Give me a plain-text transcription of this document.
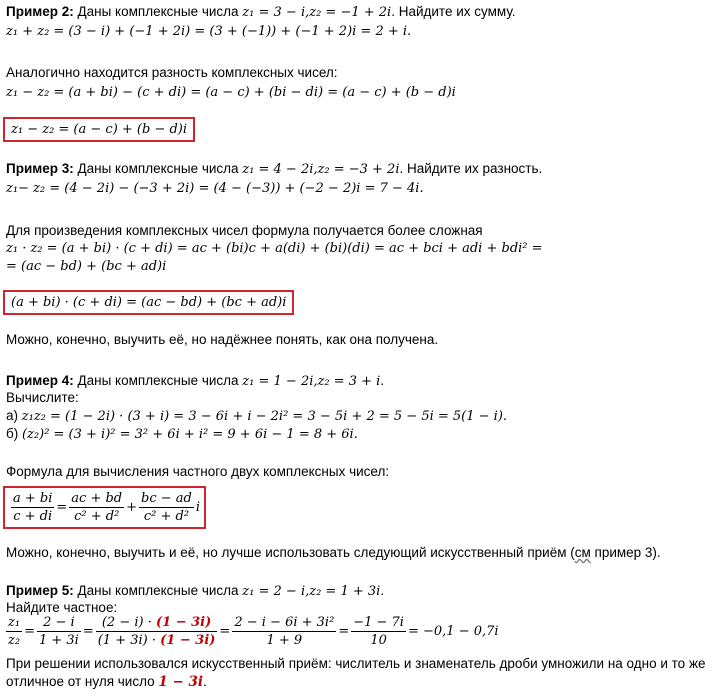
Пример 2: Даны комплексные числа z₁ = 3 − i,z₂ = −1 + 2i. Найдите их сумму.
z₁ + z₂ = (3 − i) + (−1 + 2i) = (3 + (−1)) + (−1 + 2)i = 2 + i.
Аналогично находится разность комплексных чисел:
z₁ − z₂ = (a + bi) − (c + di) = (a − c) + (bi − di) = (a − c) + (b − d)i
z₁ − z₂ = (a − c) + (b − d)i
Пример 3: Даны комплексные числа z₁ = 4 − 2i,z₂ = −3 + 2i. Найдите их разность.
z₁− z₂ = (4 − 2i) − (−3 + 2i) = (4 − (−3)) + (−2 − 2)i = 7 − 4i.
Для произведения комплексных чисел формула получается более сложная
z₁ · z₂ = (a + bi) · (c + di) = ac + (bi)c + a(di) + (bi)(di) = ac + bci + adi + bdi² =
= (ac − bd) + (bc + ad)i
(a + bi) · (c + di) = (ac − bd) + (bc + ad)i
Можно, конечно, выучить её, но надёжнее понять, как она получена.
Пример 4: Даны комплексные числа z₁ = 1 − 2i,z₂ = 3 + i.
Вычислите:
а) z₁z₂ = (1 − 2i) · (3 + i) = 3 − 6i + i − 2i² = 3 − 5i + 2 = 5 − 5i = 5(1 − i).
б) (z₂)² = (3 + i)² = 3² + 6i + i² = 9 + 6i − 1 = 8 + 6i.
Формула для вычисления частного двух комплексных чисел:
$\frac{a + bi}{c + di} = \frac{ac + bd}{\text{c² + d²}} + \frac{bc - ad}{\text{c² + d²}}$ i
Можно, конечно, выучить и её, но лучше использовать следующий искусственный приём (см пример 3).
Пример 5: Даны комплексные числа z₁ = 2 − i,z₂ = 1 + 3i.
Найдите частное:
$\frac{\text{z₁}}{\text{z₂}} = \frac{2 - i}{1 + 3i} = \frac{(2 - i) \cdot (1 - 3i)}{(1 + 3i) \cdot (1 - 3i)} = \frac{\text{2 − i − 6i + 3i²}}{1 + 9} = \frac{-1 - 7i}{10} = -0,1 - 0,7i$
При решении использовался искусственный приём: числитель и знаменатель дроби умножили на одно и то же
отличное от нуля число 1 − 3i.
